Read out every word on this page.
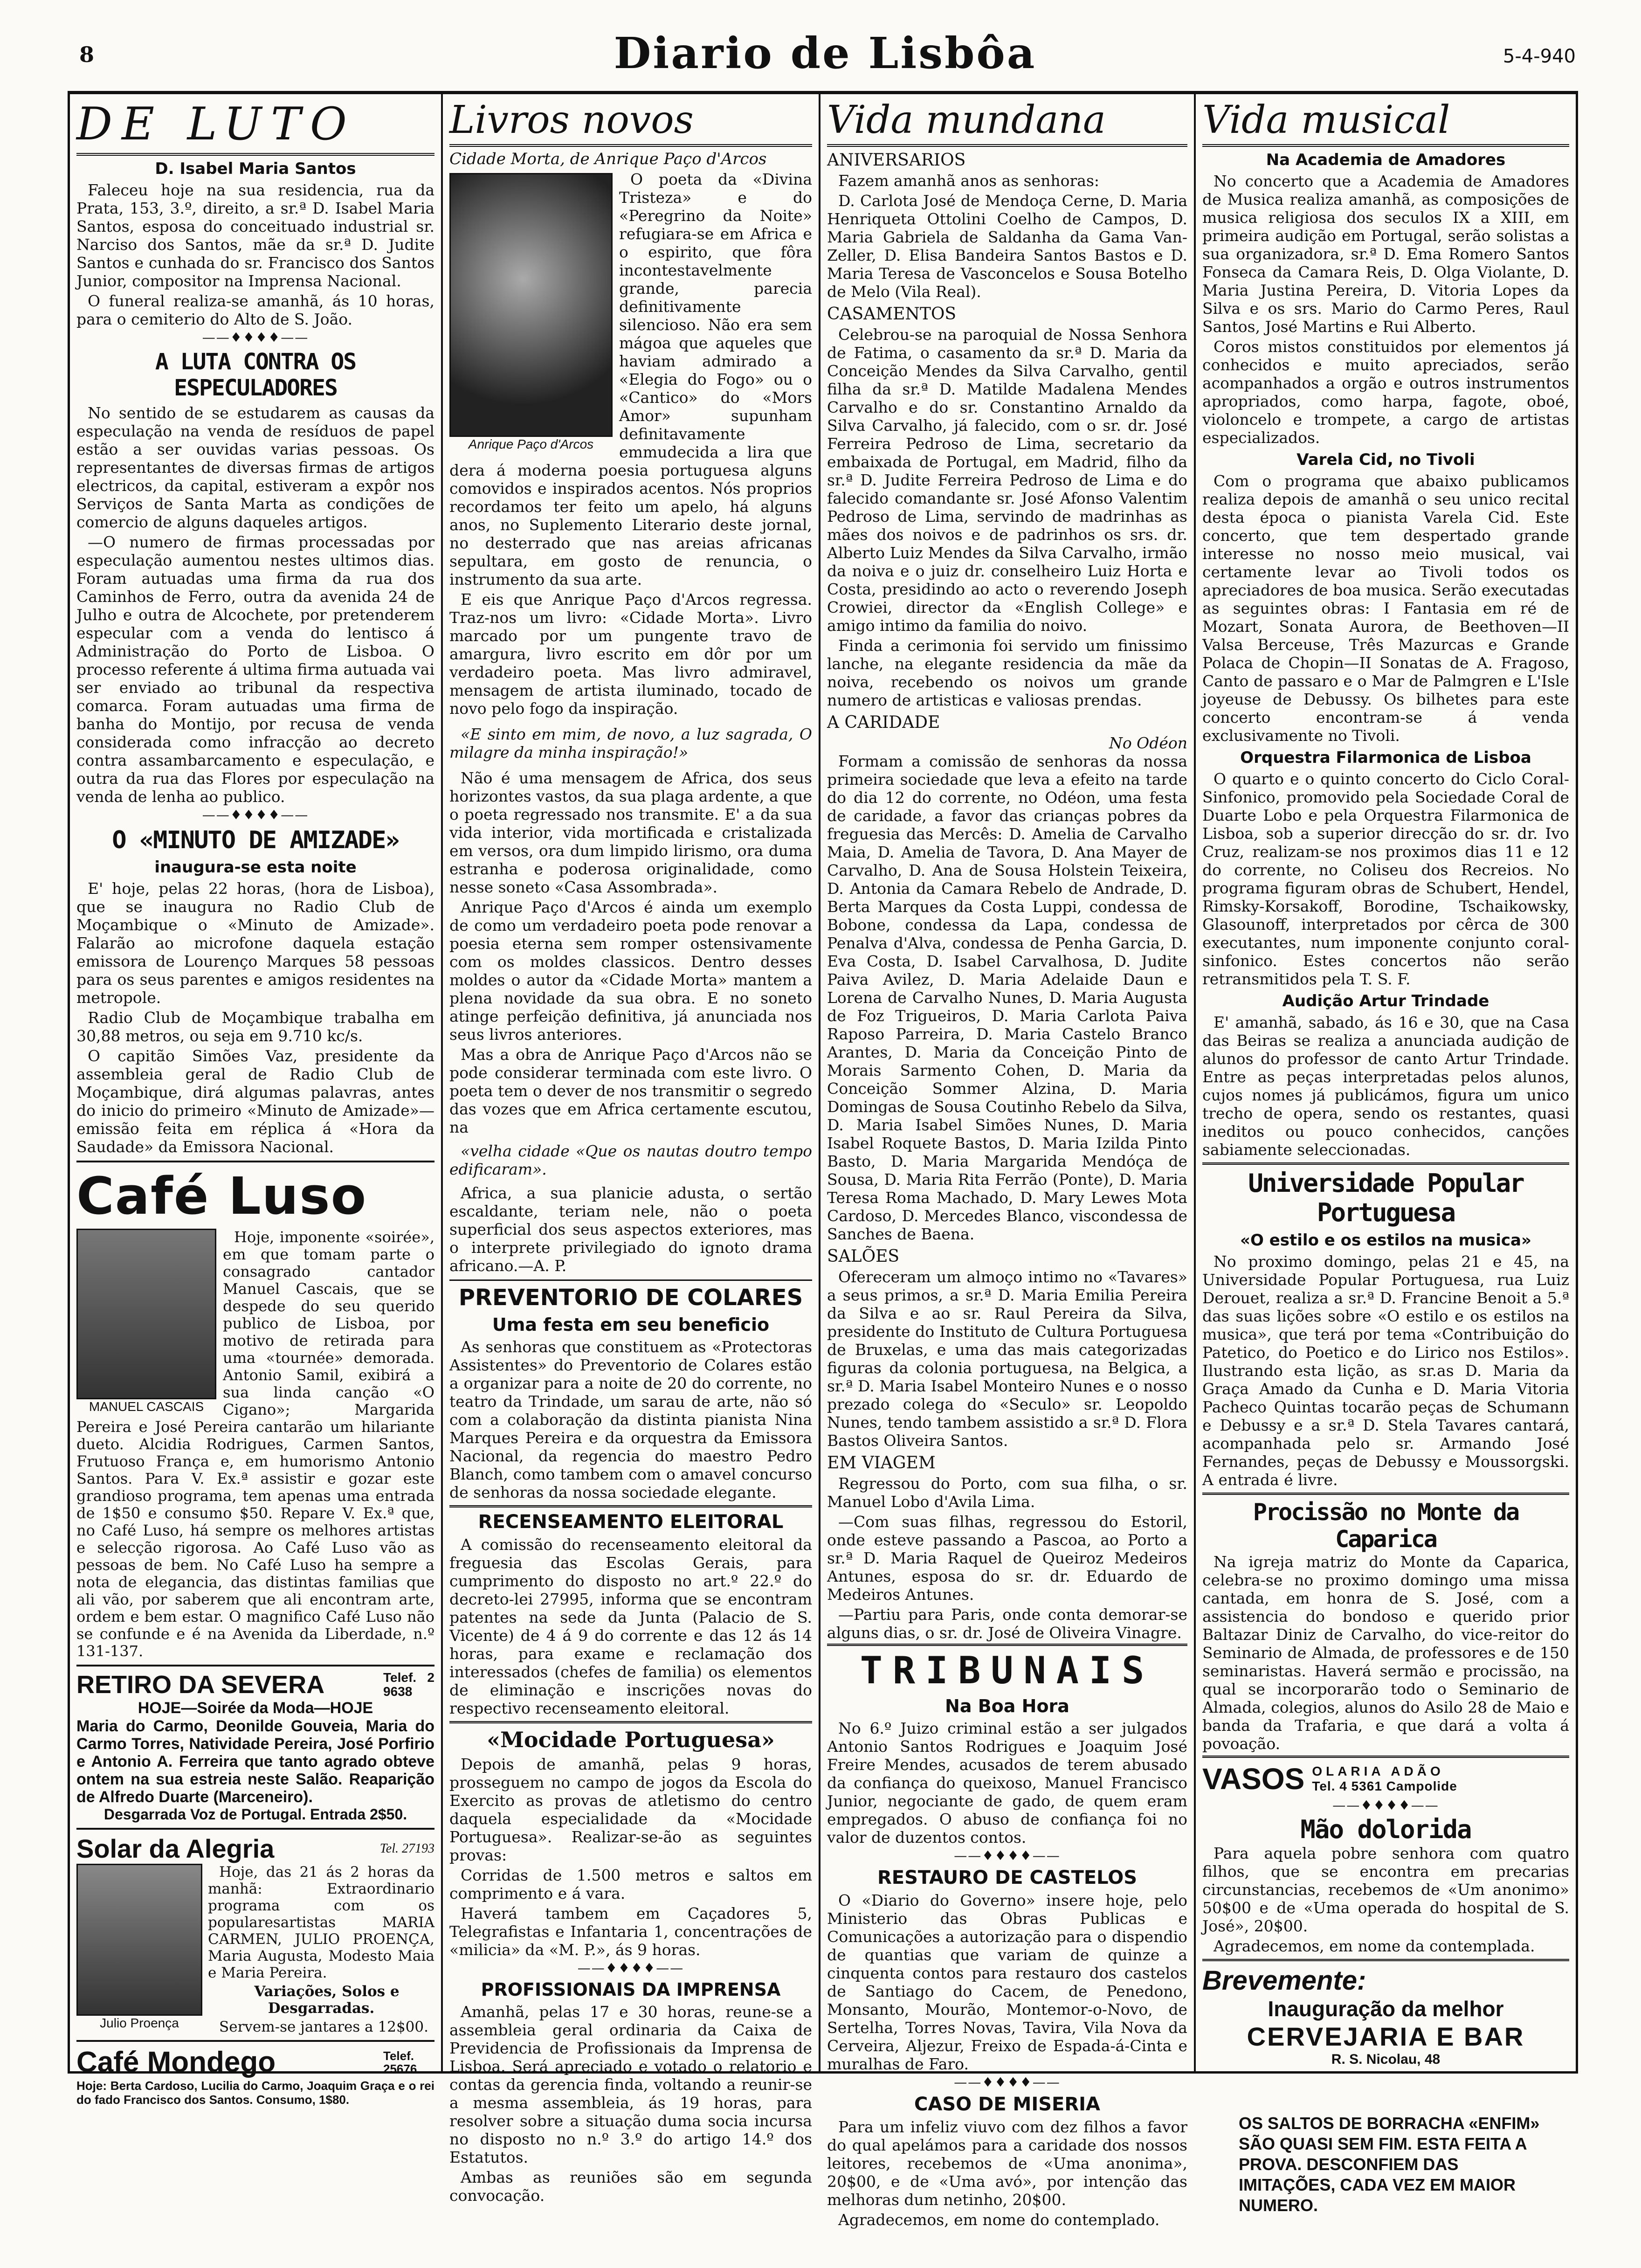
8	Diario de Lisbôa	5-4-940
DE LUTO
D. Isabel Maria Santos

Faleceu hoje na sua residencia, rua da Prata, 153, 3.º, direito, a sr.ª D. Isabel Maria Santos, esposa do conceituado industrial sr. Narciso dos Santos, mãe da sr.ª D. Judite Santos e cunhada do sr. Francisco dos Santos Junior, compositor na Imprensa Nacional.

O funeral realiza-se amanhã, ás 10 horas, para o cemiterio do Alto de S. João.

——♦♦♦♦——
A LUTA CONTRA OS ESPECULADORES

No sentido de se estudarem as causas da especulação na venda de resíduos de papel estão a ser ouvidas varias pessoas. Os representantes de diversas firmas de artigos electricos, da capital, estiveram a expôr nos Serviços de Santa Marta as condições de comercio de alguns daqueles artigos.

—O numero de firmas processadas por especulação aumentou nestes ultimos dias. Foram autuadas uma firma da rua dos Caminhos de Ferro, outra da avenida 24 de Julho e outra de Alcochete, por pretenderem especular com a venda do lentisco á Administração do Porto de Lisboa. O processo referente á ultima firma autuada vai ser enviado ao tribunal da respectiva comarca. Foram autuadas uma firma de banha do Montijo, por recusa de venda considerada como infracção ao decreto contra assambarcamento e especulação, e outra da rua das Flores por especulação na venda de lenha ao publico.

——♦♦♦♦——
O «MINUTO DE AMIZADE»
inaugura-se esta noite

E' hoje, pelas 22 horas, (hora de Lisboa), que se inaugura no Radio Club de Moçambique o «Minuto de Amizade». Falarão ao microfone daquela estação emissora de Lourenço Marques 58 pessoas para os seus parentes e amigos residentes na metropole.

Radio Club de Moçambique trabalha em 30,88 metros, ou seja em 9.710 kc/s.

O capitão Simões Vaz, presidente da assembleia geral de Radio Club de Moçambique, dirá algumas palavras, antes do inicio do primeiro «Minuto de Amizade»—emissão feita em réplica á «Hora da Saudade» da Emissora Nacional.

Café Luso
MANUEL CASCAIS

Hoje, imponente «soirée», em que tomam parte o consagrado cantador Manuel Cascais, que se despede do seu querido publico de Lisboa, por motivo de retirada para uma «tournée» demorada. Antonio Samil, exibirá a sua linda canção «O Cigano»; Margarida Pereira e José Pereira cantarão um hilariante dueto. Alcidia Rodrigues, Carmen Santos, Frutuoso França e, em humorismo Antonio Santos. Para V. Ex.ª assistir e gozar este grandioso programa, tem apenas uma entrada de 1$50 e consumo $50. Repare V. Ex.ª que, no Café Luso, há sempre os melhores artistas e selecção rigorosa. Ao Café Luso vão as pessoas de bem. No Café Luso ha sempre a nota de elegancia, das distintas familias que ali vão, por saberem que ali encontram arte, ordem e bem estar. O magnifico Café Luso não se confunde e é na Avenida da Liberdade, n.º 131-137.

RETIRO DA SEVERA	Telef. 2 9638
HOJE—Soirée da Moda—HOJE
Maria do Carmo, Deonilde Gouveia, Maria do Carmo Torres, Natividade Pereira, José Porfirio e Antonio A. Ferreira que tanto agrado obteve ontem na sua estreia neste Salão. Reaparição de Alfredo Duarte (Marceneiro).
Desgarrada Voz de Portugal. Entrada 2$50.
Solar da Alegria	Tel. 27193
Julio Proença

Hoje, das 21 ás 2 horas da manhã: Extraordinario programa com os popularesartistas MARIA CARMEN, JULIO PROENÇA, Maria Augusta, Modesto Maia e Maria Pereira.

Variações, Solos e Desgarradas.

Servem-se jantares a 12$00.

Café Mondego	Telef. 25676
Hoje: Berta Cardoso, Lucilia do Carmo, Joaquim Graça e o rei do fado Francisco dos Santos. Consumo, 1$80.
Livros novos
Cidade Morta, de Anrique Paço d'Arcos
Anrique Paço d'Arcos

O poeta da «Divina Tristeza» e do «Peregrino da Noite» refugiara-se em Africa e o espirito, que fôra incontestavelmente grande, parecia definitivamente silencioso. Não era sem mágoa que aqueles que haviam admirado a «Elegia do Fogo» ou o «Cantico» do «Mors Amor» supunham definitavamente emmudecida a lira que dera á moderna poesia portuguesa alguns comovidos e inspirados acentos. Nós proprios recordamos ter feito um apelo, há alguns anos, no Suplemento Literario deste jornal, no desterrado que nas areias africanas sepultara, em gosto de renuncia, o instrumento da sua arte.

E eis que Anrique Paço d'Arcos regressa. Traz-nos um livro: «Cidade Morta». Livro marcado por um pungente travo de amargura, livro escrito em dôr por um verdadeiro poeta. Mas livro admiravel, mensagem de artista iluminado, tocado de novo pelo fogo da inspiração.

«E sinto em mim, de novo, a luz sagrada, O milagre da minha inspiração!»

Não é uma mensagem de Africa, dos seus horizontes vastos, da sua plaga ardente, a que o poeta regressado nos transmite. E' a da sua vida interior, vida mortificada e cristalizada em versos, ora dum limpido lirismo, ora duma estranha e poderosa originalidade, como nesse soneto «Casa Assombrada».

Anrique Paço d'Arcos é ainda um exemplo de como um verdadeiro poeta pode renovar a poesia eterna sem romper ostensivamente com os moldes classicos. Dentro desses moldes o autor da «Cidade Morta» mantem a plena novidade da sua obra. E no soneto atinge perfeição definitiva, já anunciada nos seus livros anteriores.

Mas a obra de Anrique Paço d'Arcos não se pode considerar terminada com este livro. O poeta tem o dever de nos transmitir o segredo das vozes que em Africa certamente escutou, na

«velha cidade «Que os nautas doutro tempo edificaram».

Africa, a sua planicie adusta, o sertão escaldante, teriam nele, não o poeta superficial dos seus aspectos exteriores, mas o interprete privilegiado do ignoto drama africano.—A. P.

PREVENTORIO DE COLARES
Uma festa em seu beneficio

As senhoras que constituem as «Protectoras Assistentes» do Preventorio de Colares estão a organizar para a noite de 20 do corrente, no teatro da Trindade, um sarau de arte, não só com a colaboração da distinta pianista Nina Marques Pereira e da orquestra da Emissora Nacional, da regencia do maestro Pedro Blanch, como tambem com o amavel concurso de senhoras da nossa sociedade elegante.

RECENSEAMENTO ELEITORAL

A comissão do recenseamento eleitoral da freguesia das Escolas Gerais, para cumprimento do disposto no art.º 22.º do decreto-lei 27995, informa que se encontram patentes na sede da Junta (Palacio de S. Vicente) de 4 á 9 do corrente e das 12 ás 14 horas, para exame e reclamação dos interessados (chefes de familia) os elementos de eliminação e inscrições novas do respectivo recenseamento eleitoral.

«Mocidade Portuguesa»

Depois de amanhã, pelas 9 horas, prosseguem no campo de jogos da Escola do Exercito as provas de atletismo do centro daquela especialidade da «Mocidade Portuguesa». Realizar-se-ão as seguintes provas:

Corridas de 1.500 metros e saltos em comprimento e á vara.

Haverá tambem em Caçadores 5, Telegrafistas e Infantaria 1, concentrações de «milicia» da «M. P.», ás 9 horas.

——♦♦♦♦——
PROFISSIONAIS DA IMPRENSA

Amanhã, pelas 17 e 30 horas, reune-se a assembleia geral ordinaria da Caixa de Previdencia de Profissionais da Imprensa de Lisboa. Será apreciado e votado o relatorio e contas da gerencia finda, voltando a reunir-se a mesma assembleia, ás 19 horas, para resolver sobre a situação duma socia incursa no disposto no n.º 3.º do artigo 14.º dos Estatutos.

Ambas as reuniões são em segunda convocação.

Vida mundana
ANIVERSARIOS

Fazem amanhã anos as senhoras:

D. Carlota José de Mendoça Cerne, D. Maria Henriqueta Ottolini Coelho de Campos, D. Maria Gabriela de Saldanha da Gama Van-Zeller, D. Elisa Bandeira Santos Bastos e D. Maria Teresa de Vasconcelos e Sousa Botelho de Melo (Vila Real).

CASAMENTOS

Celebrou-se na paroquial de Nossa Senhora de Fatima, o casamento da sr.ª D. Maria da Conceição Mendes da Silva Carvalho, gentil filha da sr.ª D. Matilde Madalena Mendes Carvalho e do sr. Constantino Arnaldo da Silva Carvalho, já falecido, com o sr. dr. José Ferreira Pedroso de Lima, secretario da embaixada de Portugal, em Madrid, filho da sr.ª D. Judite Ferreira Pedroso de Lima e do falecido comandante sr. José Afonso Valentim Pedroso de Lima, servindo de madrinhas as mães dos noivos e de padrinhos os srs. dr. Alberto Luiz Mendes da Silva Carvalho, irmão da noiva e o juiz dr. conselheiro Luiz Horta e Costa, presidindo ao acto o reverendo Joseph Crowiei, director da «English College» e amigo intimo da familia do noivo.

Finda a cerimonia foi servido um finissimo lanche, na elegante residencia da mãe da noiva, recebendo os noivos um grande numero de artisticas e valiosas prendas.

A CARIDADE
No Odéon

Formam a comissão de senhoras da nossa primeira sociedade que leva a efeito na tarde do dia 12 do corrente, no Odéon, uma festa de caridade, a favor das crianças pobres da freguesia das Mercês: D. Amelia de Carvalho Maia, D. Amelia de Tavora, D. Ana Mayer de Carvalho, D. Ana de Sousa Holstein Teixeira, D. Antonia da Camara Rebelo de Andrade, D. Berta Marques da Costa Luppi, condessa de Bobone, condessa da Lapa, condessa de Penalva d'Alva, condessa de Penha Garcia, D. Eva Costa, D. Isabel Carvalhosa, D. Judite Paiva Avilez, D. Maria Adelaide Daun e Lorena de Carvalho Nunes, D. Maria Augusta de Foz Trigueiros, D. Maria Carlota Paiva Raposo Parreira, D. Maria Castelo Branco Arantes, D. Maria da Conceição Pinto de Morais Sarmento Cohen, D. Maria da Conceição Sommer Alzina, D. Maria Domingas de Sousa Coutinho Rebelo da Silva, D. Maria Isabel Simões Nunes, D. Maria Isabel Roquete Bastos, D. Maria Izilda Pinto Basto, D. Maria Margarida Mendóça de Sousa, D. Maria Rita Ferrão (Ponte), D. Maria Teresa Roma Machado, D. Mary Lewes Mota Cardoso, D. Mercedes Blanco, viscondessa de Sanches de Baena.

SALÕES

Ofereceram um almoço intimo no «Tavares» a seus primos, a sr.ª D. Maria Emilia Pereira da Silva e ao sr. Raul Pereira da Silva, presidente do Instituto de Cultura Portuguesa de Bruxelas, e uma das mais categorizadas figuras da colonia portuguesa, na Belgica, a sr.ª D. Maria Isabel Monteiro Nunes e o nosso prezado colega do «Seculo» sr. Leopoldo Nunes, tendo tambem assistido a sr.ª D. Flora Bastos Oliveira Santos.

EM VIAGEM

Regressou do Porto, com sua filha, o sr. Manuel Lobo d'Avila Lima.

—Com suas filhas, regressou do Estoril, onde esteve passando a Pascoa, ao Porto a sr.ª D. Maria Raquel de Queiroz Medeiros Antunes, esposa do sr. dr. Eduardo de Medeiros Antunes.

—Partiu para Paris, onde conta demorar-se alguns dias, o sr. dr. José de Oliveira Vinagre.

TRIBUNAIS
Na Boa Hora

No 6.º Juizo criminal estão a ser julgados Antonio Santos Rodrigues e Joaquim José Freire Mendes, acusados de terem abusado da confiança do queixoso, Manuel Francisco Junior, negociante de gado, de quem eram empregados. O abuso de confiança foi no valor de duzentos contos.

——♦♦♦♦——
RESTAURO DE CASTELOS

O «Diario do Governo» insere hoje, pelo Ministerio das Obras Publicas e Comunicações a autorização para o dispendio de quantias que variam de quinze a cinquenta contos para restauro dos castelos de Santiago do Cacem, de Penedono, Monsanto, Mourão, Montemor-o-Novo, de Sertelha, Torres Novas, Tavira, Vila Nova da Cerveira, Aljezur, Freixo de Espada-á-Cinta e muralhas de Faro.

——♦♦♦♦——
CASO DE MISERIA

Para um infeliz viuvo com dez filhos a favor do qual apelámos para a caridade dos nossos leitores, recebemos de «Uma anonima», 20$00, e de «Uma avó», por intenção das melhoras dum netinho, 20$00.

Agradecemos, em nome do contemplado.

Vida musical
Na Academia de Amadores

No concerto que a Academia de Amadores de Musica realiza amanhã, as composições de musica religiosa dos seculos IX a XIII, em primeira audição em Portugal, serão solistas a sua organizadora, sr.ª D. Ema Romero Santos Fonseca da Camara Reis, D. Olga Violante, D. Maria Justina Pereira, D. Vitoria Lopes da Silva e os srs. Mario do Carmo Peres, Raul Santos, José Martins e Rui Alberto.

Coros mistos constituidos por elementos já conhecidos e muito apreciados, serão acompanhados a orgão e outros instrumentos apropriados, como harpa, fagote, oboé, violoncelo e trompete, a cargo de artistas especializados.

Varela Cid, no Tivoli

Com o programa que abaixo publicamos realiza depois de amanhã o seu unico recital desta época o pianista Varela Cid. Este concerto, que tem despertado grande interesse no nosso meio musical, vai certamente levar ao Tivoli todos os apreciadores de boa musica. Serão executadas as seguintes obras: I Fantasia em ré de Mozart, Sonata Aurora, de Beethoven—II Valsa Berceuse, Três Mazurcas e Grande Polaca de Chopin—II Sonatas de A. Fragoso, Canto de passaro e o Mar de Palmgren e L'Isle joyeuse de Debussy. Os bilhetes para este concerto encontram-se á venda exclusivamente no Tivoli.

Orquestra Filarmonica de Lisboa

O quarto e o quinto concerto do Ciclo Coral-Sinfonico, promovido pela Sociedade Coral de Duarte Lobo e pela Orquestra Filarmonica de Lisboa, sob a superior direcção do sr. dr. Ivo Cruz, realizam-se nos proximos dias 11 e 12 do corrente, no Coliseu dos Recreios. No programa figuram obras de Schubert, Hendel, Rimsky-Korsakoff, Borodine, Tschaikowsky, Glasounoff, interpretados por cêrca de 300 executantes, num imponente conjunto coral-sinfonico. Estes concertos não serão retransmitidos pela T. S. F.

Audição Artur Trindade

E' amanhã, sabado, ás 16 e 30, que na Casa das Beiras se realiza a anunciada audição de alunos do professor de canto Artur Trindade. Entre as peças interpretadas pelos alunos, cujos nomes já publicámos, figura um unico trecho de opera, sendo os restantes, quasi ineditos ou pouco conhecidos, canções sabiamente seleccionadas.

Universidade Popular Portuguesa
«O estilo e os estilos na musica»

No proximo domingo, pelas 21 e 45, na Universidade Popular Portuguesa, rua Luiz Derouet, realiza a sr.ª D. Francine Benoit a 5.ª das suas lições sobre «O estilo e os estilos na musica», que terá por tema «Contribuição do Patetico, do Poetico e do Lirico nos Estilos». Ilustrando esta lição, as sr.as D. Maria da Graça Amado da Cunha e D. Maria Vitoria Pacheco Quintas tocarão peças de Schumann e Debussy e a sr.ª D. Stela Tavares cantará, acompanhada pelo sr. Armando José Fernandes, peças de Debussy e Moussorgski. A entrada é livre.

Procissão no Monte da Caparica

Na igreja matriz do Monte da Caparica, celebra-se no proximo domingo uma missa cantada, em honra de S. José, com a assistencia do bondoso e querido prior Baltazar Diniz de Carvalho, do vice-reitor do Seminario de Almada, de professores e de 150 seminaristas. Haverá sermão e procissão, na qual se incorporarão todo o Seminario de Almada, colegios, alunos do Asilo 28 de Maio e banda da Trafaria, e que dará a volta á povoação.

VASOS OLARIA ADÃO
Tel. 4 5361 Campolide
——♦♦♦♦——
Mão dolorida

Para aquela pobre senhora com quatro filhos, que se encontra em precarias circunstancias, recebemos de «Um anonimo» 50$00 e de «Uma operada do hospital de S. José», 20$00.

Agradecemos, em nome da contemplada.

Brevemente:
Inauguração da melhor
CERVEJARIA E BAR
R. S. Nicolau, 48
OS SALTOS DE BORRACHA «ENFIM» SÃO QUASI SEM FIM. ESTA FEITA A PROVA. DESCONFIEM DAS IMITAÇÕES, CADA VEZ EM MAIOR NUMERO.
